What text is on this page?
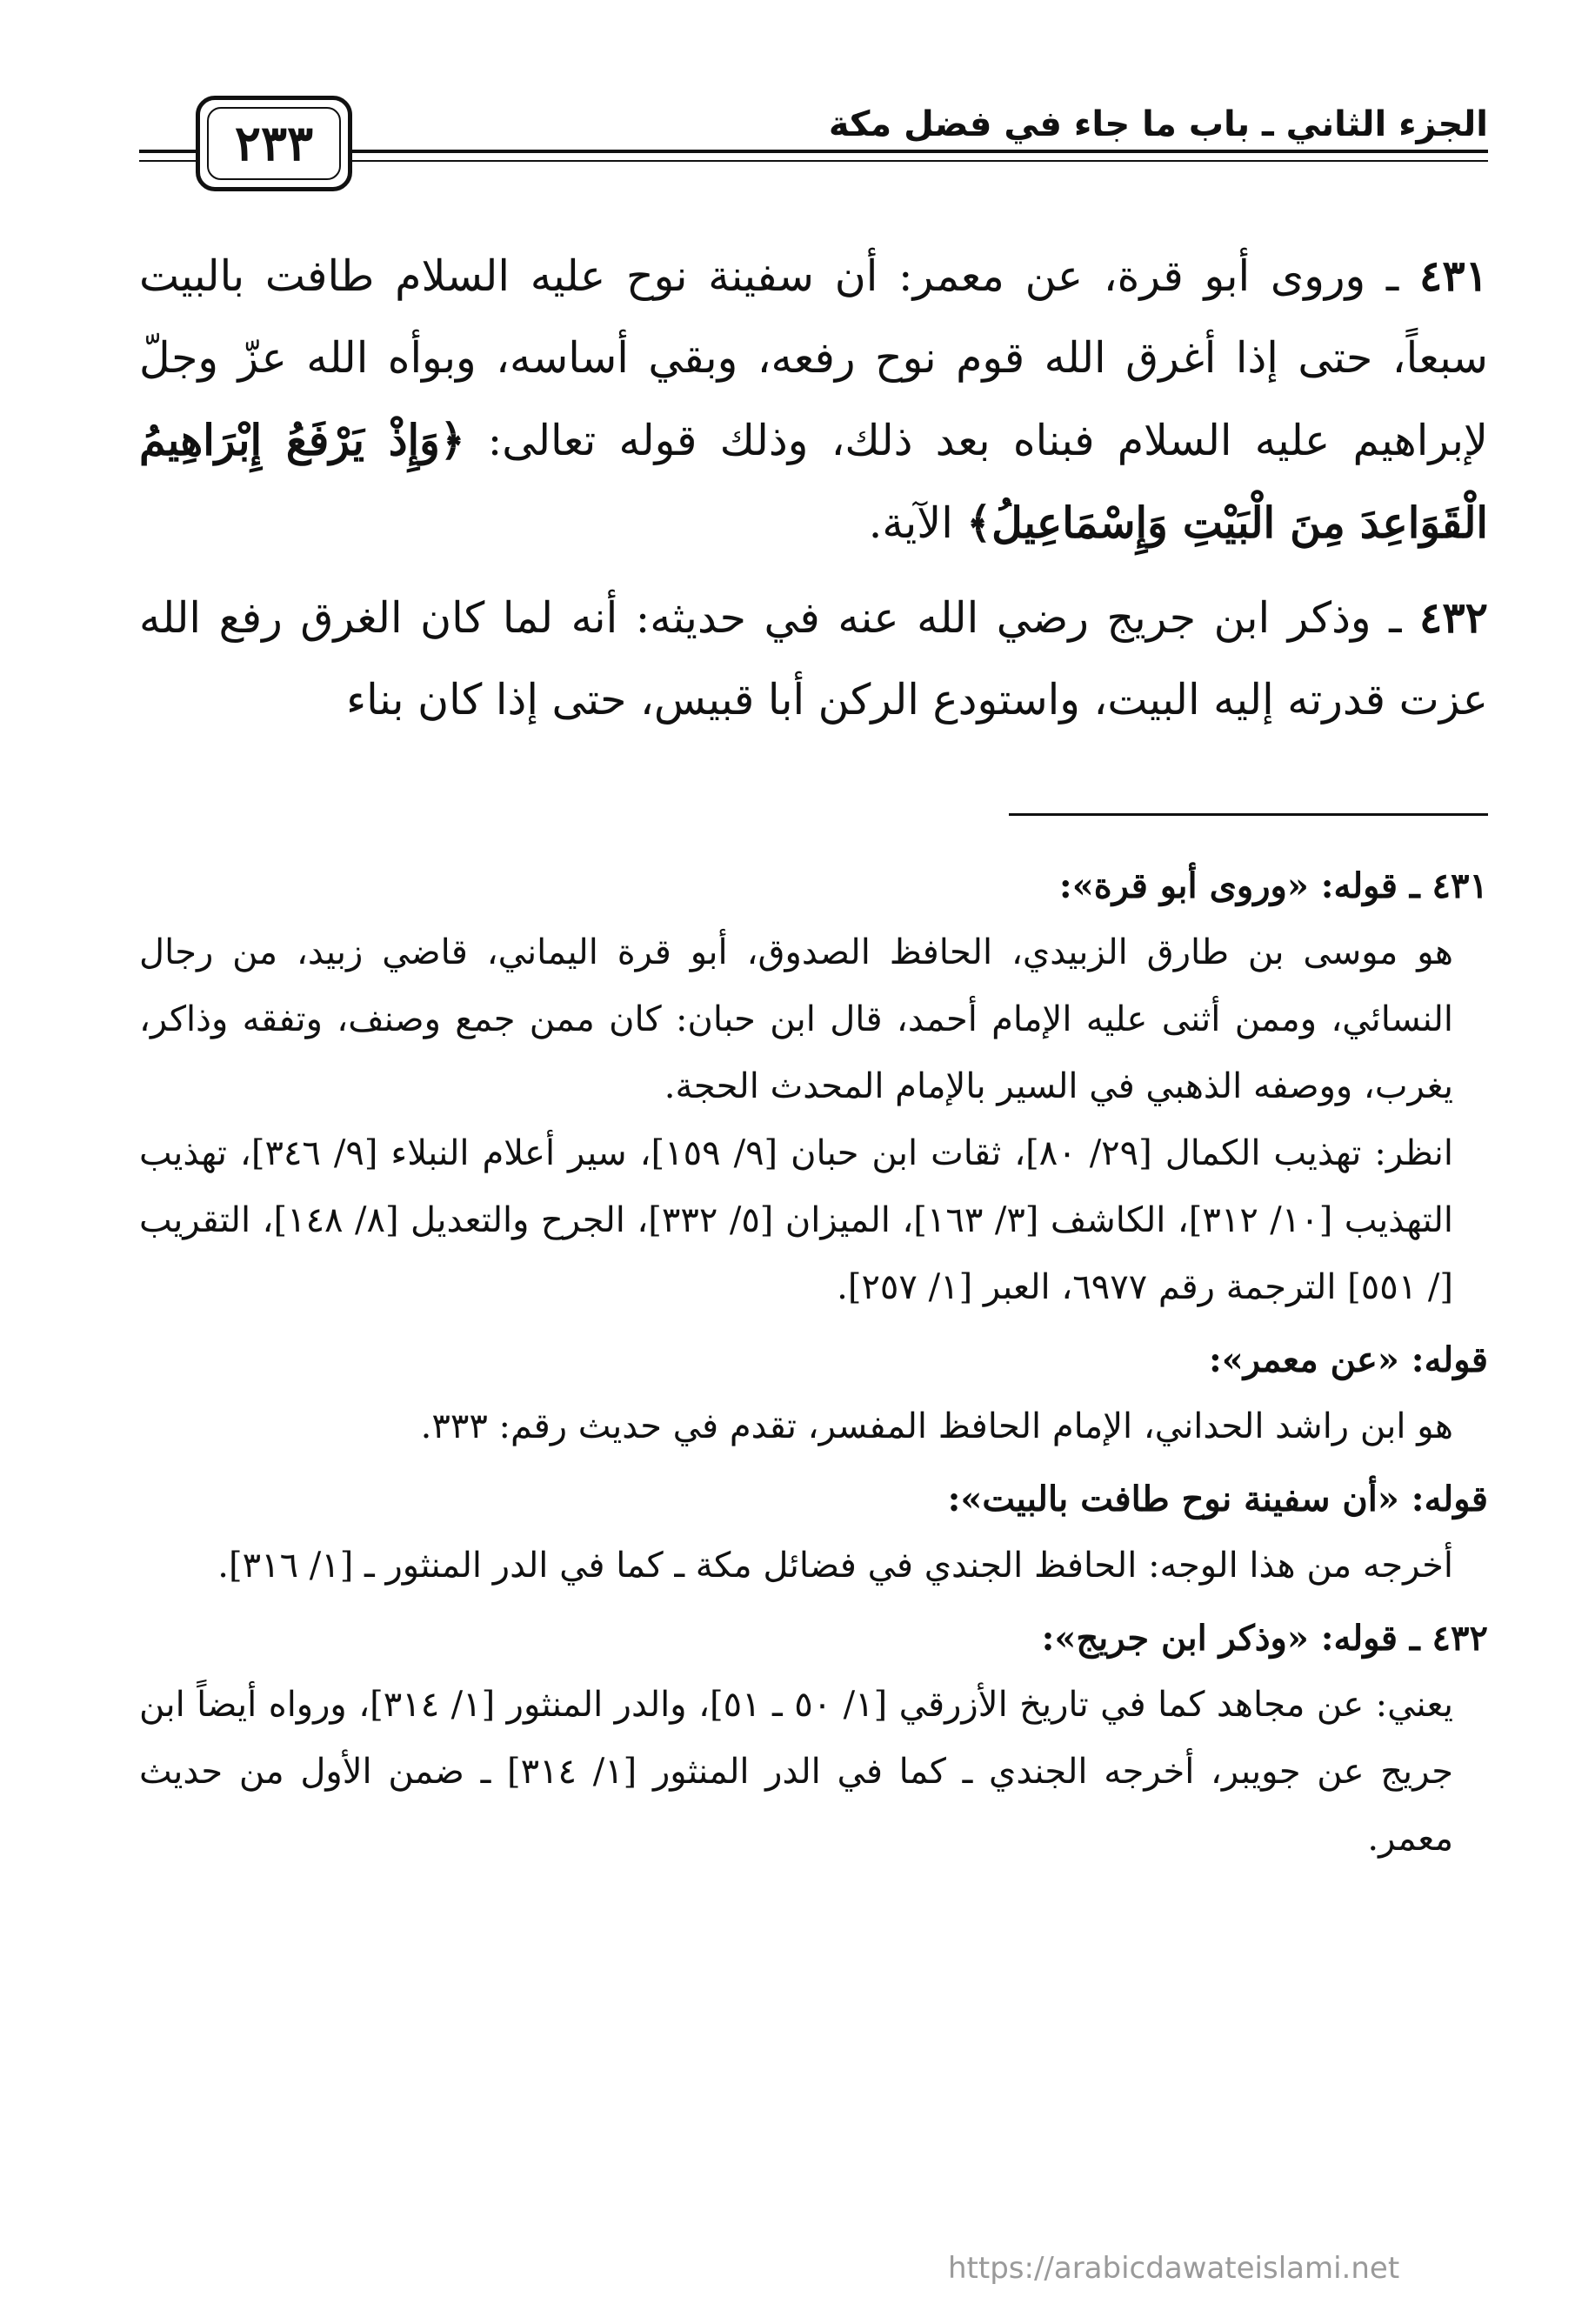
الجزء الثاني ـ باب ما جاء في فضل مكة
٢٣٣

٤٣١ ـ وروى أبو قرة، عن معمر: أن سفينة نوح عليه السلام طافت بالبيت سبعاً، حتى إذا أغرق الله قوم نوح رفعه، وبقي أساسه، وبوأه الله عزّ وجلّ لإبراهيم عليه السلام فبناه بعد ذلك، وذلك قوله تعالى: ﴿وَإِذْ يَرْفَعُ إِبْرَاهِيمُ الْقَوَاعِدَ مِنَ الْبَيْتِ وَإِسْمَاعِيلُ﴾ الآية.

٤٣٢ ـ وذكر ابن جريج رضي الله عنه في حديثه: أنه لما كان الغرق رفع الله عزت قدرته إليه البيت، واستودع الركن أبا قبيس، حتى إذا كان بناء

٤٣١ ـ قوله: «وروى أبو قرة»:

هو موسى بن طارق الزبيدي، الحافظ الصدوق، أبو قرة اليماني، قاضي زبيد، من رجال النسائي، وممن أثنى عليه الإمام أحمد، قال ابن حبان: كان ممن جمع وصنف، وتفقه وذاكر، يغرب، ووصفه الذهبي في السير بالإمام المحدث الحجة.

انظر: تهذيب الكمال [٢٩/ ٨٠]، ثقات ابن حبان [٩/ ١٥٩]، سير أعلام النبلاء [٩/ ٣٤٦]، تهذيب التهذيب [١٠/ ٣١٢]، الكاشف [٣/ ١٦٣]، الميزان [٥/ ٣٣٢]، الجرح والتعديل [٨/ ١٤٨]، التقريب [/ ٥٥١] الترجمة رقم ٦٩٧٧، العبر [١/ ٢٥٧].

قوله: «عن معمر»:

هو ابن راشد الحداني، الإمام الحافظ المفسر، تقدم في حديث رقم: ٣٣٣.

قوله: «أن سفينة نوح طافت بالبيت»:

أخرجه من هذا الوجه: الحافظ الجندي في فضائل مكة ـ كما في الدر المنثور ـ [١/ ٣١٦].

٤٣٢ ـ قوله: «وذكر ابن جريج»:

يعني: عن مجاهد كما في تاريخ الأزرقي [١/ ٥٠ ـ ٥١]، والدر المنثور [١/ ٣١٤]، ورواه أيضاً ابن جريج عن جويبر، أخرجه الجندي ـ كما في الدر المنثور [١/ ٣١٤] ـ ضمن الأول من حديث معمر.

https://arabicdawateislami.net
